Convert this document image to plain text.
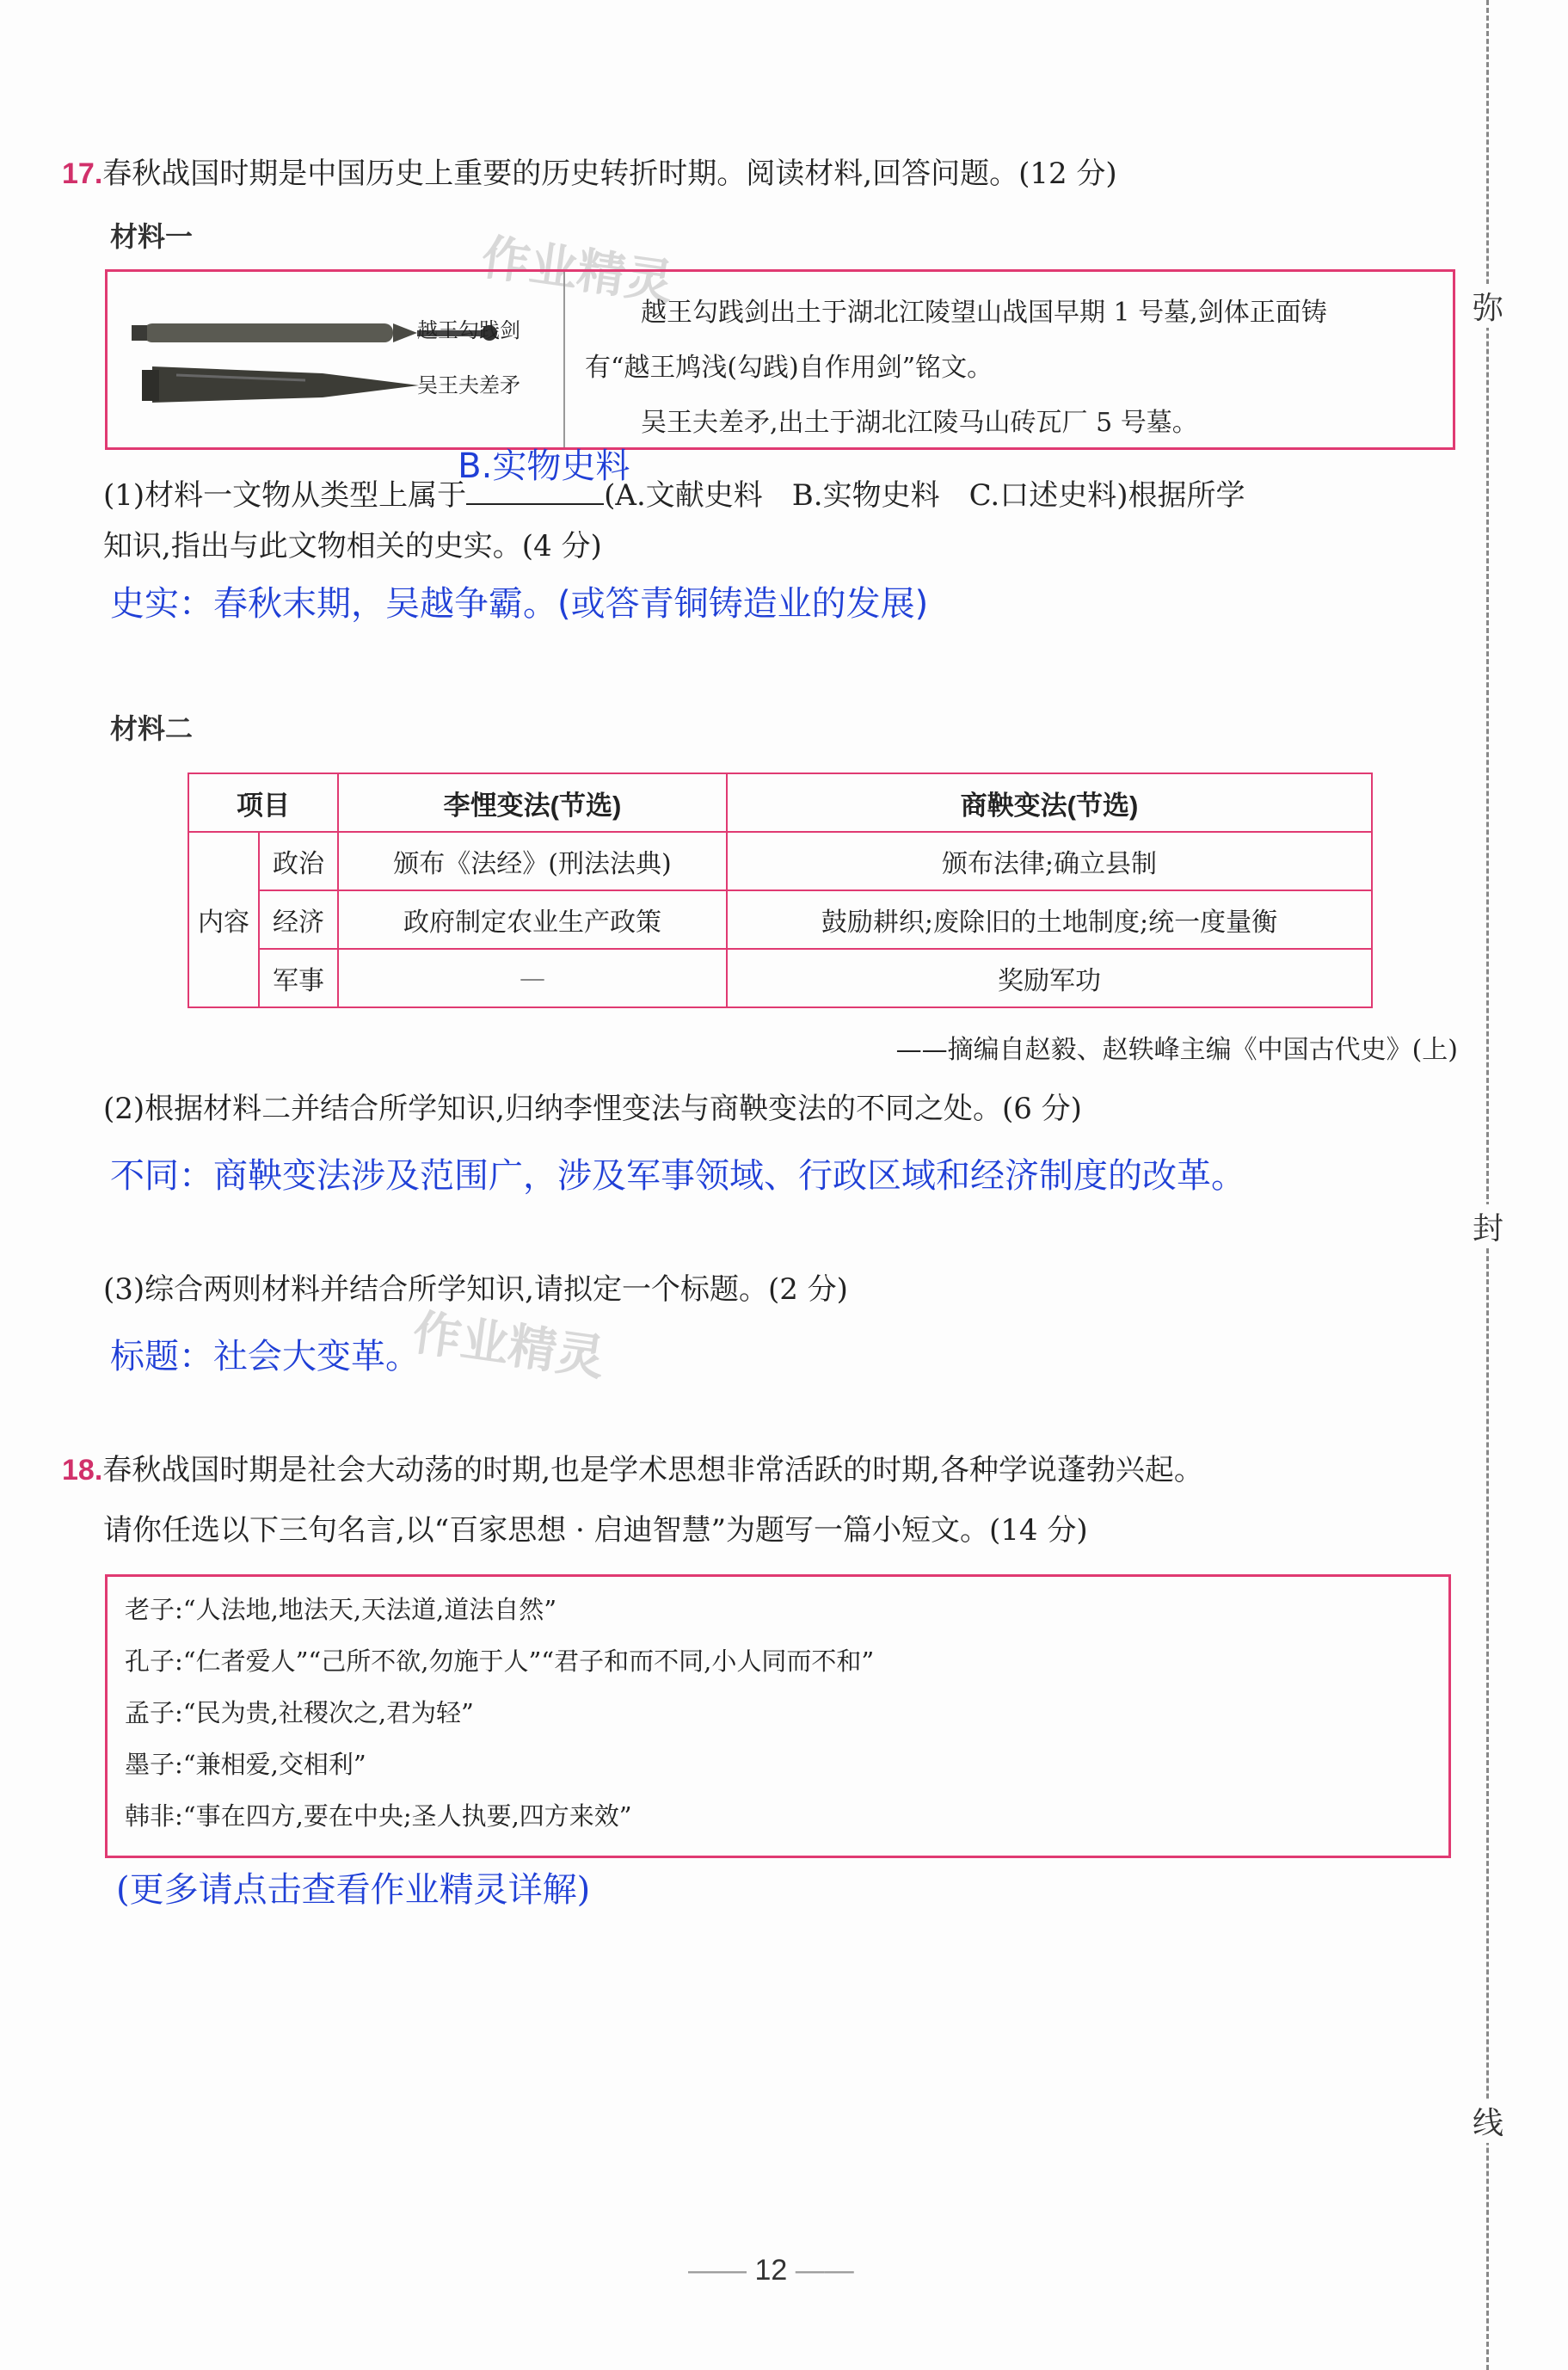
弥
封
线
作业精灵
作业精灵
17.春秋战国时期是中国历史上重要的历史转折时期。阅读材料,回答问题。(12 分)
材料一
越王勾践剑
吴王夫差矛
越王勾践剑出土于湖北江陵望山战国早期 1 号墓,剑体正面铸
有“越王鸠浅(勾践)自作用剑”铭文。
吴王夫差矛,出土于湖北江陵马山砖瓦厂 5 号墓。
(1)材料一文物从类型上属于
B.实物史料
(A.文献史料　B.实物史料　C.口述史料)根据所学
知识,指出与此文物相关的史实。(4 分)
史实：春秋末期，吴越争霸。(或答青铜铸造业的发展)
材料二
项目		李悝变法(节选)	商鞅变法(节选)
内容	政治	颁布《法经》(刑法法典)	颁布法律;确立县制
	经济	政府制定农业生产政策	鼓励耕织;废除旧的土地制度;统一度量衡
	军事	—	奖励军功
——摘编自赵毅、赵轶峰主编《中国古代史》(上)
(2)根据材料二并结合所学知识,归纳李悝变法与商鞅变法的不同之处。(6 分)
不同：商鞅变法涉及范围广，涉及军事领域、行政区域和经济制度的改革。
(3)综合两则材料并结合所学知识,请拟定一个标题。(2 分)
标题：社会大变革。
18.春秋战国时期是社会大动荡的时期,也是学术思想非常活跃的时期,各种学说蓬勃兴起。
请你任选以下三句名言,以“百家思想 · 启迪智慧”为题写一篇小短文。(14 分)
老子:“人法地,地法天,天法道,道法自然”
孔子:“仁者爱人”“己所不欲,勿施于人”“君子和而不同,小人同而不和”
孟子:“民为贵,社稷次之,君为轻”
墨子:“兼相爱,交相利”
韩非:“事在四方,要在中央;圣人执要,四方来效”
(更多请点击查看作业精灵详解)
—— 12 ——
